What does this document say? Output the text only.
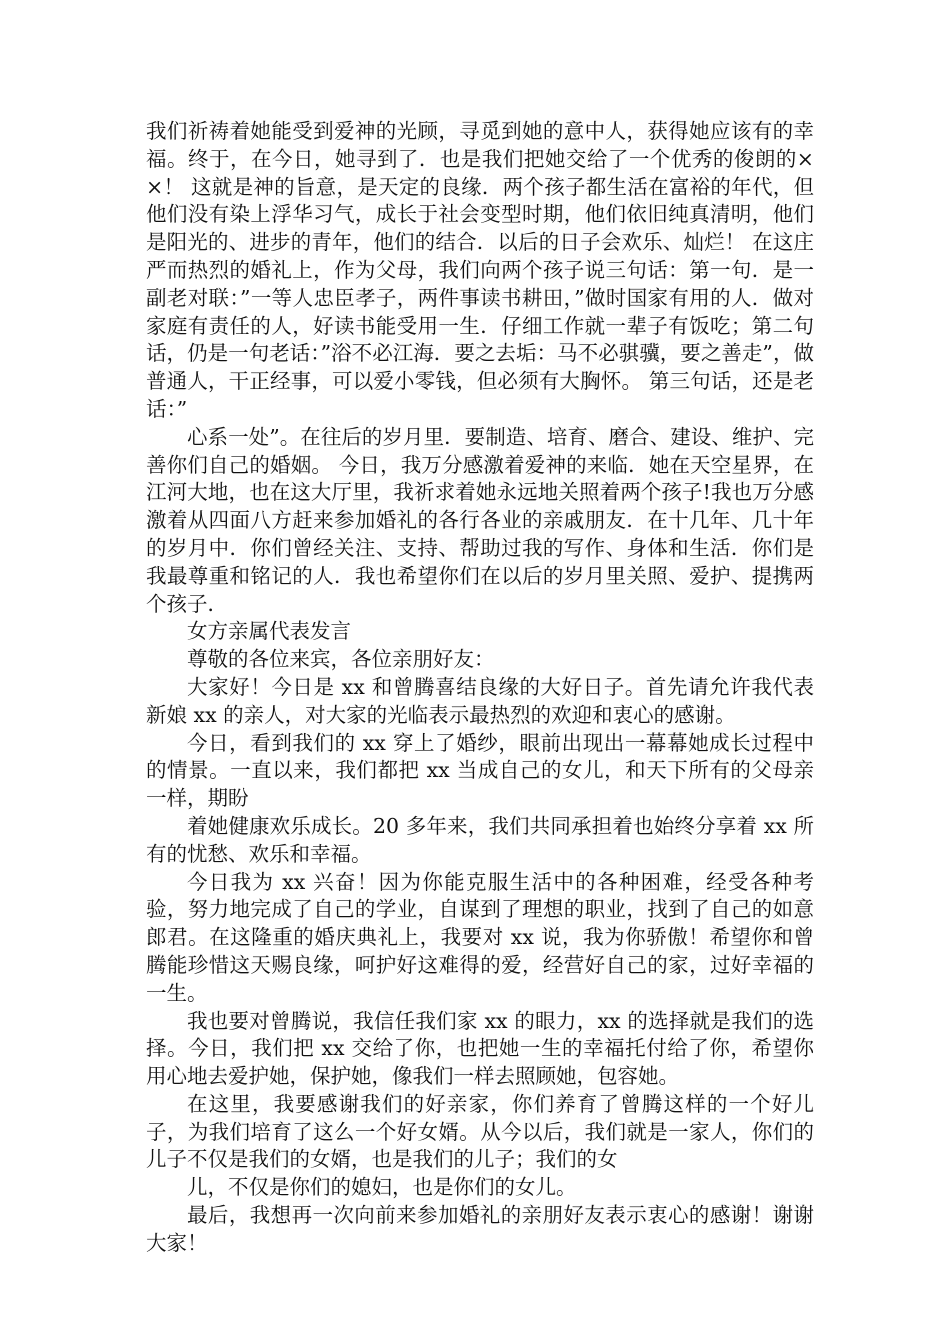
我们祈祷着她能受到爱神的光顾，寻觅到她的意中人，获得她应该有的幸福。终于，在今日，她寻到了．也是我们把她交给了一个优秀的俊朗的××！ 这就是神的旨意，是天定的良缘．两个孩子都生活在富裕的年代，但他们没有染上浮华习气，成长于社会变型时期，他们依旧纯真清明，他们是阳光的、进步的青年，他们的结合．以后的日子会欢乐、灿烂！ 在这庄严而热烈的婚礼上，作为父母，我们向两个孩子说三句话：第一句．是一副老对联：”一等人忠臣孝子，两件事读书耕田，”做时国家有用的人．做对家庭有责任的人，好读书能受用一生．仔细工作就一辈子有饭吃；第二句话，仍是一句老话：”浴不必江海．要之去垢：马不必骐骥，要之善走”，做普通人，干正经事，可以爱小零钱，但必须有大胸怀。 第三句话，还是老话：”

心系一处”。在往后的岁月里．要制造、培育、磨合、建设、维护、完善你们自己的婚姻。 今日，我万分感激着爱神的来临．她在天空星界，在江河大地，也在这大厅里，我祈求着她永远地关照着两个孩子!我也万分感激着从四面八方赶来参加婚礼的各行各业的亲戚朋友．在十几年、几十年的岁月中．你们曾经关注、支持、帮助过我的写作、身体和生活．你们是我最尊重和铭记的人．我也希望你们在以后的岁月里关照、爱护、提携两个孩子．

女方亲属代表发言

尊敬的各位来宾，各位亲朋好友：

大家好！今日是 xx 和曾腾喜结良缘的大好日子。首先请允许我代表新娘 xx 的亲人，对大家的光临表示最热烈的欢迎和衷心的感谢。

今日，看到我们的 xx 穿上了婚纱，眼前出现出一幕幕她成长过程中的情景。一直以来，我们都把 xx 当成自己的女儿，和天下所有的父母亲一样，期盼

着她健康欢乐成长。20 多年来，我们共同承担着也始终分享着 xx 所有的忧愁、欢乐和幸福。

今日我为 xx 兴奋！因为你能克服生活中的各种困难，经受各种考验，努力地完成了自己的学业，自谋到了理想的职业，找到了自己的如意郎君。在这隆重的婚庆典礼上，我要对 xx 说，我为你骄傲！希望你和曾腾能珍惜这天赐良缘，呵护好这难得的爱，经营好自己的家，过好幸福的一生。

我也要对曾腾说，我信任我们家 xx 的眼力，xx 的选择就是我们的选择。今日，我们把 xx 交给了你，也把她一生的幸福托付给了你，希望你用心地去爱护她，保护她，像我们一样去照顾她，包容她。

在这里，我要感谢我们的好亲家，你们养育了曾腾这样的一个好儿子，为我们培育了这么一个好女婿。从今以后，我们就是一家人，你们的儿子不仅是我们的女婿，也是我们的儿子；我们的女

儿，不仅是你们的媳妇，也是你们的女儿。

最后，我想再一次向前来参加婚礼的亲朋好友表示衷心的感谢！谢谢大家！
